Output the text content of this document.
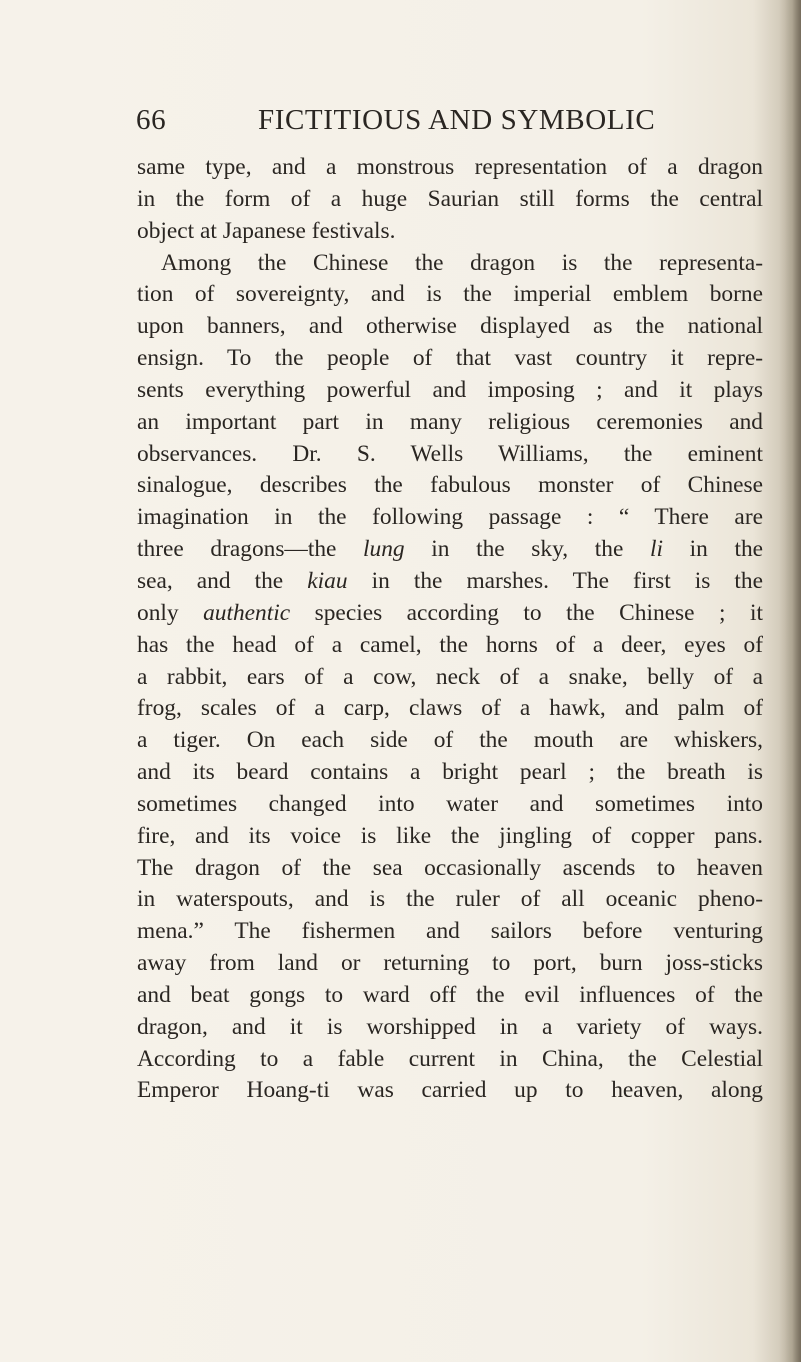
66	FICTITIOUS AND SYMBOLIC
same type, and a monstrous representation of a dragon
in the form of a huge Saurian still forms the central
object at Japanese festivals.
Among the Chinese the dragon is the representa-
tion of sovereignty, and is the imperial emblem borne
upon banners, and otherwise displayed as the national
ensign. To the people of that vast country it repre-
sents everything powerful and imposing ; and it plays
an important part in many religious ceremonies and
observances. Dr. S. Wells Williams, the eminent
sinalogue, describes the fabulous monster of Chinese
imagination in the following passage : “ There are
three dragons—the lung in the sky, the li in the
sea, and the kiau in the marshes. The first is the
only authentic species according to the Chinese ; it
has the head of a camel, the horns of a deer, eyes of
a rabbit, ears of a cow, neck of a snake, belly of a
frog, scales of a carp, claws of a hawk, and palm of
a tiger. On each side of the mouth are whiskers,
and its beard contains a bright pearl ; the breath is
sometimes changed into water and sometimes into
fire, and its voice is like the jingling of copper pans.
The dragon of the sea occasionally ascends to heaven
in waterspouts, and is the ruler of all oceanic pheno-
mena.” The fishermen and sailors before venturing
away from land or returning to port, burn joss-sticks
and beat gongs to ward off the evil influences of the
dragon, and it is worshipped in a variety of ways.
According to a fable current in China, the Celestial
Emperor Hoang-ti was carried up to heaven, along
